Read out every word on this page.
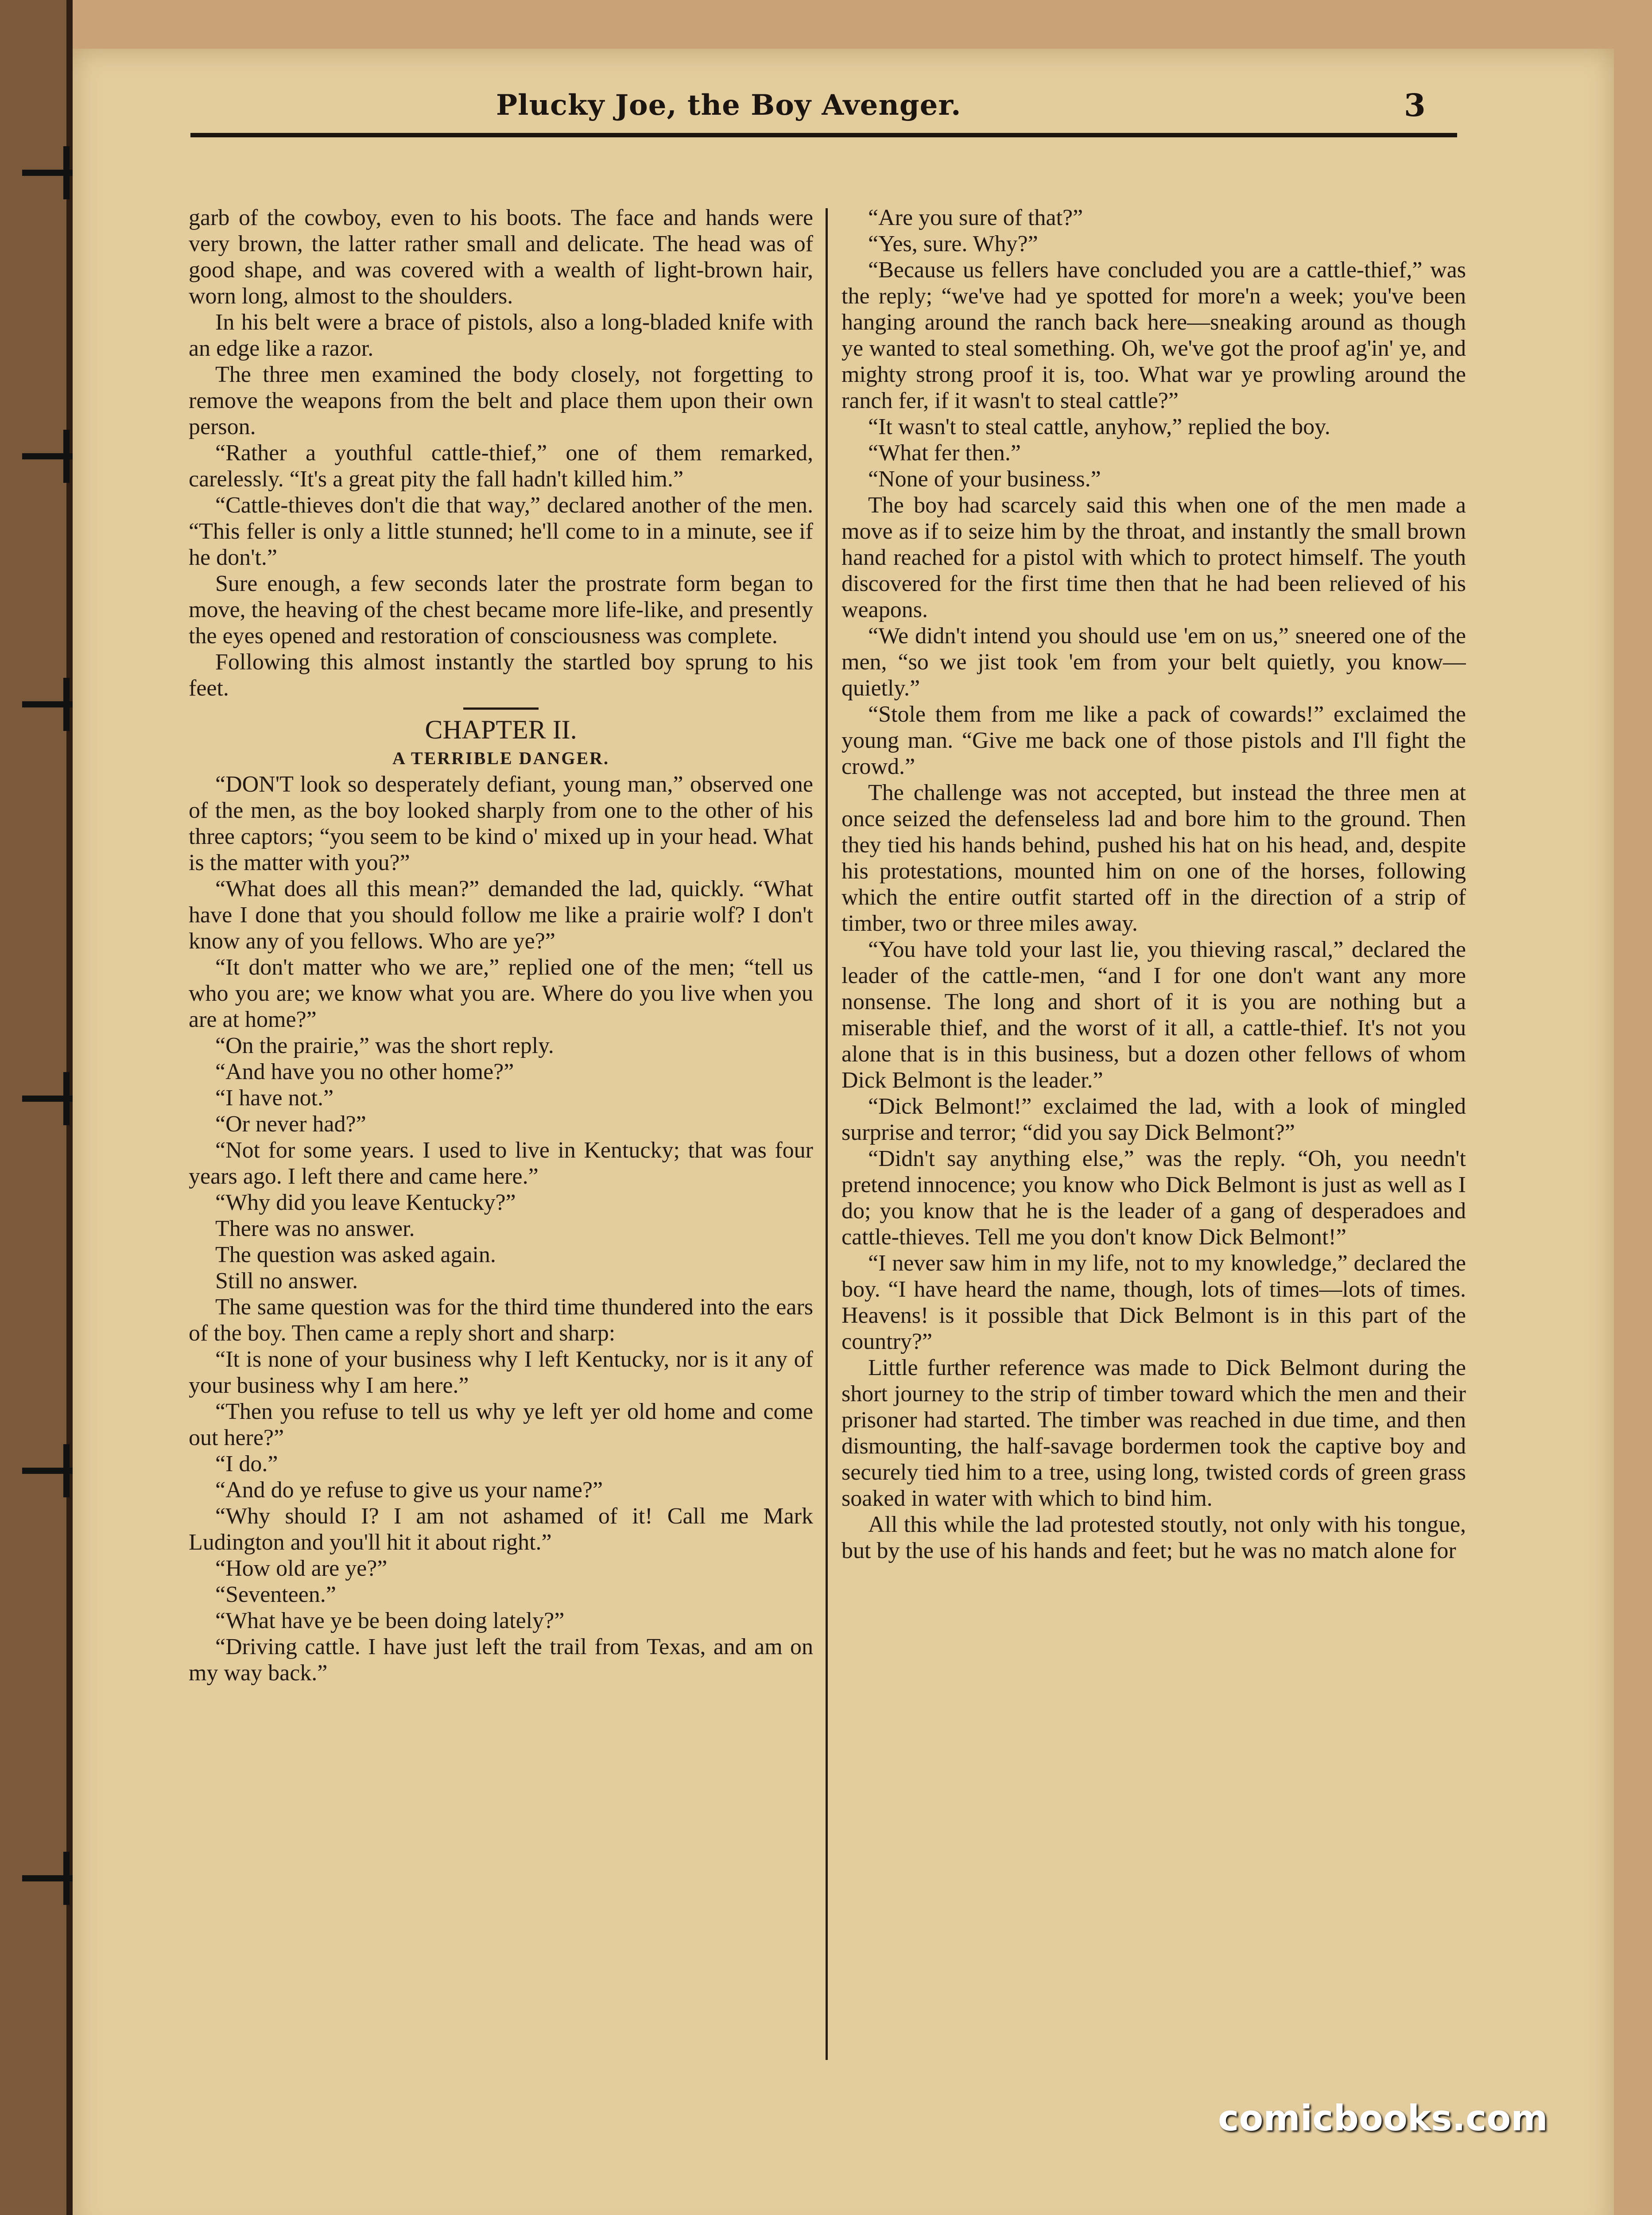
Plucky Joe, the Boy Avenger.	3

garb of the cowboy, even to his boots. The face and hands were very brown, the latter rather small and delicate. The head was of good shape, and was covered with a wealth of light-brown hair, worn long, almost to the shoulders.

In his belt were a brace of pistols, also a long-bladed knife with an edge like a razor.

The three men examined the body closely, not forgetting to remove the weapons from the belt and place them upon their own person.

“Rather a youthful cattle-thief,” one of them remarked, carelessly. “It's a great pity the fall hadn't killed him.”

“Cattle-thieves don't die that way,” declared another of the men. “This feller is only a little stunned; he'll come to in a minute, see if he don't.”

Sure enough, a few seconds later the prostrate form began to move, the heaving of the chest became more life-like, and presently the eyes opened and restoration of consciousness was complete.

Following this almost instantly the startled boy sprung to his feet.

CHAPTER II.

A TERRIBLE DANGER.

“DON'T look so desperately defiant, young man,” observed one of the men, as the boy looked sharply from one to the other of his three captors; “you seem to be kind o' mixed up in your head. What is the matter with you?”

“What does all this mean?” demanded the lad, quickly. “What have I done that you should follow me like a prairie wolf? I don't know any of you fellows. Who are ye?”

“It don't matter who we are,” replied one of the men; “tell us who you are; we know what you are. Where do you live when you are at home?”

“On the prairie,” was the short reply.

“And have you no other home?”

“I have not.”

“Or never had?”

“Not for some years. I used to live in Kentucky; that was four years ago. I left there and came here.”

“Why did you leave Kentucky?”

There was no answer.

The question was asked again.

Still no answer.

The same question was for the third time thundered into the ears of the boy. Then came a reply short and sharp:

“It is none of your business why I left Kentucky, nor is it any of your business why I am here.”

“Then you refuse to tell us why ye left yer old home and come out here?”

“I do.”

“And do ye refuse to give us your name?”

“Why should I? I am not ashamed of it! Call me Mark Ludington and you'll hit it about right.”

“How old are ye?”

“Seventeen.”

“What have ye be been doing lately?”

“Driving cattle. I have just left the trail from Texas, and am on my way back.”

“Are you sure of that?”

“Yes, sure. Why?”

“Because us fellers have concluded you are a cattle-thief,” was the reply; “we've had ye spotted for more'n a week; you've been hanging around the ranch back here—sneaking around as though ye wanted to steal something. Oh, we've got the proof ag'in' ye, and mighty strong proof it is, too. What war ye prowling around the ranch fer, if it wasn't to steal cattle?”

“It wasn't to steal cattle, anyhow,” replied the boy.

“What fer then.”

“None of your business.”

The boy had scarcely said this when one of the men made a move as if to seize him by the throat, and instantly the small brown hand reached for a pistol with which to protect himself. The youth discovered for the first time then that he had been relieved of his weapons.

“We didn't intend you should use 'em on us,” sneered one of the men, “so we jist took 'em from your belt quietly, you know—quietly.”

“Stole them from me like a pack of cowards!” exclaimed the young man. “Give me back one of those pistols and I'll fight the crowd.”

The challenge was not accepted, but instead the three men at once seized the defenseless lad and bore him to the ground. Then they tied his hands behind, pushed his hat on his head, and, despite his protestations, mounted him on one of the horses, following which the entire outfit started off in the direction of a strip of timber, two or three miles away.

“You have told your last lie, you thieving rascal,” declared the leader of the cattle-men, “and I for one don't want any more nonsense. The long and short of it is you are nothing but a miserable thief, and the worst of it all, a cattle-thief. It's not you alone that is in this business, but a dozen other fellows of whom Dick Belmont is the leader.”

“Dick Belmont!” exclaimed the lad, with a look of mingled surprise and terror; “did you say Dick Belmont?”

“Didn't say anything else,” was the reply. “Oh, you needn't pretend innocence; you know who Dick Belmont is just as well as I do; you know that he is the leader of a gang of desperadoes and cattle-thieves. Tell me you don't know Dick Belmont!”

“I never saw him in my life, not to my knowledge,” declared the boy. “I have heard the name, though, lots of times—lots of times. Heavens! is it possible that Dick Belmont is in this part of the country?”

Little further reference was made to Dick Belmont during the short journey to the strip of timber toward which the men and their prisoner had started. The timber was reached in due time, and then dismounting, the half-savage bordermen took the captive boy and securely tied him to a tree, using long, twisted cords of green grass soaked in water with which to bind him.

All this while the lad protested stoutly, not only with his tongue, but by the use of his hands and feet; but he was no match alone for

comicbooks.com
